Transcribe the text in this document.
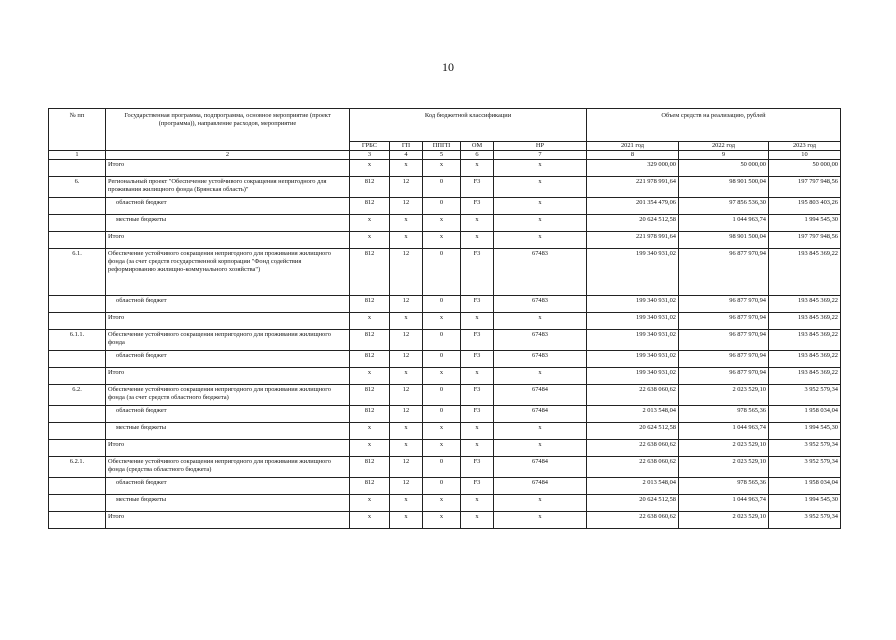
10
№ пп	Государственная программа, подпрограмма, основное мероприятие (проект (программа)), направление расходов, мероприятие	Код бюджетной классификации					Объем средств на реализацию, рублей		
		ГРБС	ГП	ППГП	ОМ	НР	2021 год	2022 год	2023 год
1	2	3	4	5	6	7	8	9	10
	Итого	x	x	x	x	x	329 000,00	50 000,00	50 000,00
6.	Региональный проект "Обеспечение устойчивого сокращения непригодного для проживания жилищного фонда (Брянская область)"	812	12	0	F3	x	221 978 991,64	98 901 500,04	197 797 948,56
	областной бюджет	812	12	0	F3	x	201 354 479,06	97 856 536,30	195 803 403,26
	местные бюджеты	x	x	x	x	x	20 624 512,58	1 044 963,74	1 994 545,30
	Итого	x	x	x	x	x	221 978 991,64	98 901 500,04	197 797 948,56
6.1.	Обеспечение устойчивого сокращения непригодного для проживания жилищного фонда (за счет средств государственной корпорации "Фонд содействия реформированию жилищно-коммунального хозяйства")	812	12	0	F3	67483	199 340 931,02	96 877 970,94	193 845 369,22
	областной бюджет	812	12	0	F3	67483	199 340 931,02	96 877 970,94	193 845 369,22
	Итого	x	x	x	x	x	199 340 931,02	96 877 970,94	193 845 369,22
6.1.1.	Обеспечение устойчивого сокращения непригодного для проживания жилищного фонда	812	12	0	F3	67483	199 340 931,02	96 877 970,94	193 845 369,22
	областной бюджет	812	12	0	F3	67483	199 340 931,02	96 877 970,94	193 845 369,22
	Итого	x	x	x	x	x	199 340 931,02	96 877 970,94	193 845 369,22
6.2.	Обеспечение устойчивого сокращения непригодного для проживания жилищного фонда (за счет средств областного бюджета)	812	12	0	F3	67484	22 638 060,62	2 023 529,10	3 952 579,34
	областной бюджет	812	12	0	F3	67484	2 013 548,04	978 565,36	1 958 034,04
	местные бюджеты	x	x	x	x	x	20 624 512,58	1 044 963,74	1 994 545,30
	Итого	x	x	x	x	x	22 638 060,62	2 023 529,10	3 952 579,34
6.2.1.	Обеспечение устойчивого сокращения непригодного для проживания жилищного фонда (средства областного бюджета)	812	12	0	F3	67484	22 638 060,62	2 023 529,10	3 952 579,34
	областной бюджет	812	12	0	F3	67484	2 013 548,04	978 565,36	1 958 034,04
	местные бюджеты	x	x	x	x	x	20 624 512,58	1 044 963,74	1 994 545,30
	Итого	x	x	x	x	x	22 638 060,62	2 023 529,10	3 952 579,34
